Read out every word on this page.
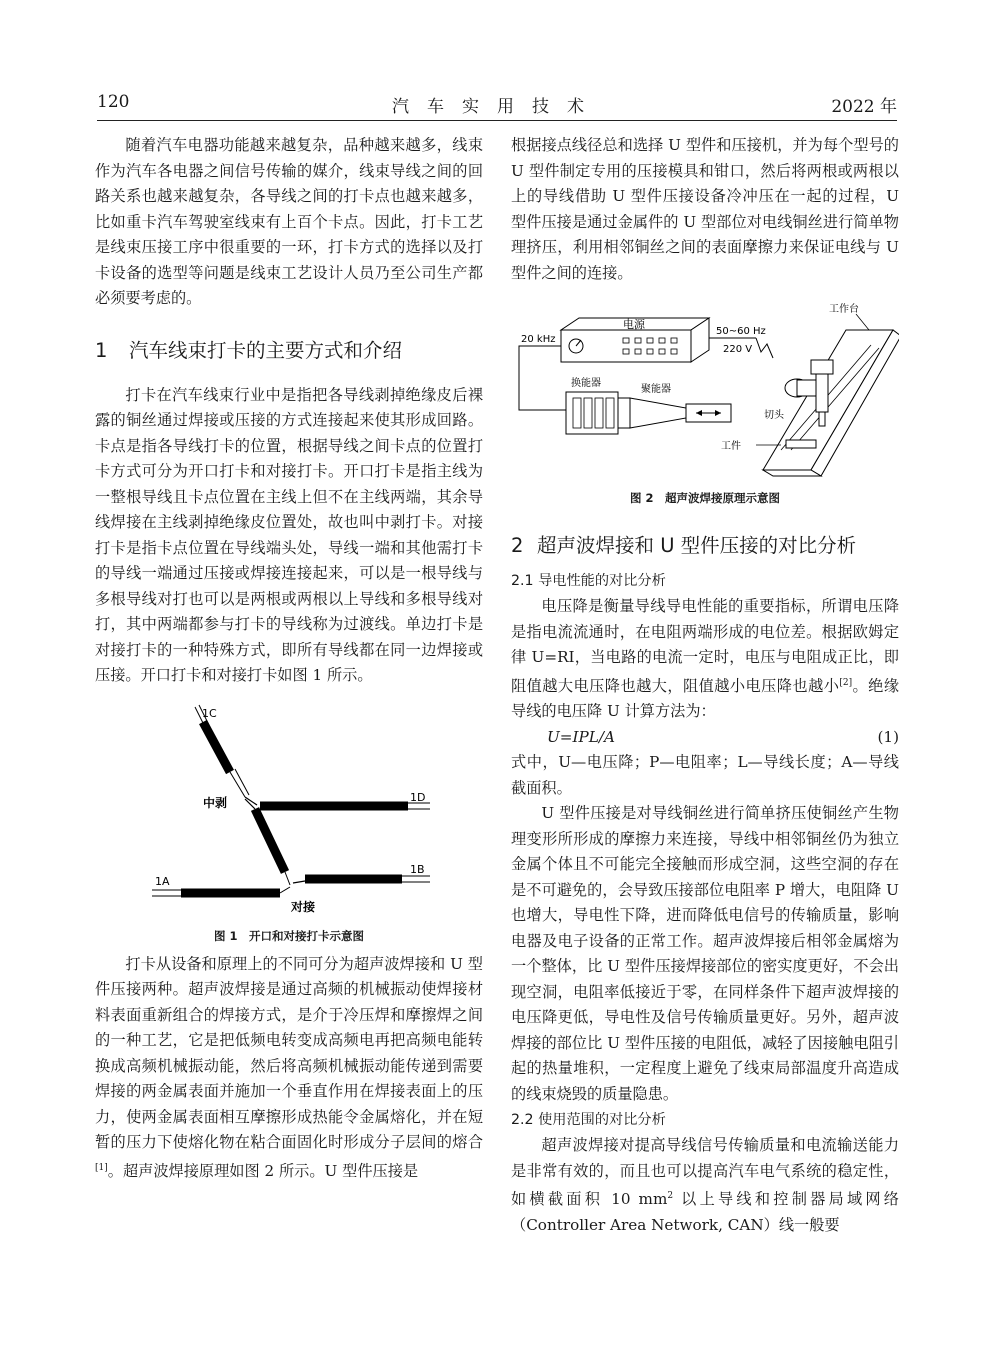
120	汽车实用技术	2022 年

随着汽车电器功能越来越复杂，品种越来越多，线束作为汽车各电器之间信号传输的媒介，线束导线之间的回路关系也越来越复杂，各导线之间的打卡点也越来越多，比如重卡汽车驾驶室线束有上百个卡点。因此，打卡工艺是线束压接工序中很重要的一环，打卡方式的选择以及打卡设备的选型等问题是线束工艺设计人员乃至公司生产都必须要考虑的。

1 汽车线束打卡的主要方式和介绍

打卡在汽车线束行业中是指把各导线剥掉绝缘皮后裸露的铜丝通过焊接或压接的方式连接起来使其形成回路。卡点是指各导线打卡的位置，根据导线之间卡点的位置打卡方式可分为开口打卡和对接打卡。开口打卡是指主线为一整根导线且卡点位置在主线上但不在主线两端，其余导线焊接在主线剥掉绝缘皮位置处，故也叫中剥打卡。对接打卡是指卡点位置在导线端头处，导线一端和其他需打卡的导线一端通过压接或焊接连接起来，可以是一根导线与多根导线对打也可以是两根或两根以上导线和多根导线对打，其中两端都参与打卡的导线称为过渡线。单边打卡是对接打卡的一种特殊方式，即所有导线都在同一边焊接或压接。开口打卡和对接打卡如图 1 所示。

1C
1D
1A
1B
中剥
对接
图 1　开口和对接打卡示意图

打卡从设备和原理上的不同可分为超声波焊接和 U 型件压接两种。超声波焊接是通过高频的机械振动使焊接材料表面重新组合的焊接方式，是介于冷压焊和摩擦焊之间的一种工艺，它是把低频电转变成高频电再把高频电能转换成高频机械振动能，然后将高频机械振动能传递到需要焊接的两金属表面并施加一个垂直作用在焊接表面上的压力，使两金属表面相互摩擦形成热能令金属熔化，并在短暂的压力下使熔化物在粘合面固化时形成分子层间的熔合[1]。超声波焊接原理如图 2 所示。U 型件压接是

根据接点线径总和选择 U 型件和压接机，并为每个型号的 U 型件制定专用的压接模具和钳口，然后将两根或两根以上的导线借助 U 型件压接设备冷冲压在一起的过程，U 型件压接是通过金属件的 U 型部位对电线铜丝进行简单物理挤压，利用相邻铜丝之间的表面摩擦力来保证电线与 U 型件之间的连接。

电源
20 kHz
50~60 Hz
220 V
换能器
聚能器
工作台
切头
工件
图 2　超声波焊接原理示意图
2 超声波焊接和 U 型件压接的对比分析
2.1 导电性能的对比分析

电压降是衡量导线导电性能的重要指标，所谓电压降是指电流流通时，在电阻两端形成的电位差。根据欧姆定律 U=RI，当电路的电流一定时，电压与电阻成正比，即阻值越大电压降也越大，阻值越小电压降也越小[2]。绝缘导线的电压降 U 计算方法为：

U=IPL/A	(1)

式中，U—电压降；P—电阻率；L—导线长度；A—导线截面积。

U 型件压接是对导线铜丝进行简单挤压使铜丝产生物理变形所形成的摩擦力来连接，导线中相邻铜丝仍为独立金属个体且不可能完全接触而形成空洞，这些空洞的存在是不可避免的，会导致压接部位电阻率 P 增大，电阻降 U 也增大，导电性下降，进而降低电信号的传输质量，影响电器及电子设备的正常工作。超声波焊接后相邻金属熔为一个整体，比 U 型件压接焊接部位的密实度更好，不会出现空洞，电阻率低接近于零，在同样条件下超声波焊接的电压降更低，导电性及信号传输质量更好。另外，超声波焊接的部位比 U 型件压接的电阻低，减轻了因接触电阻引起的热量堆积，一定程度上避免了线束局部温度升高造成的线束烧毁的质量隐患。

2.2 使用范围的对比分析

超声波焊接对提高导线信号传输质量和电流输送能力是非常有效的，而且也可以提高汽车电气系统的稳定性，如横截面积 10 $mm^2$ 以上导线和控制器局域网络（Controller Area Network, CAN）线一般要
